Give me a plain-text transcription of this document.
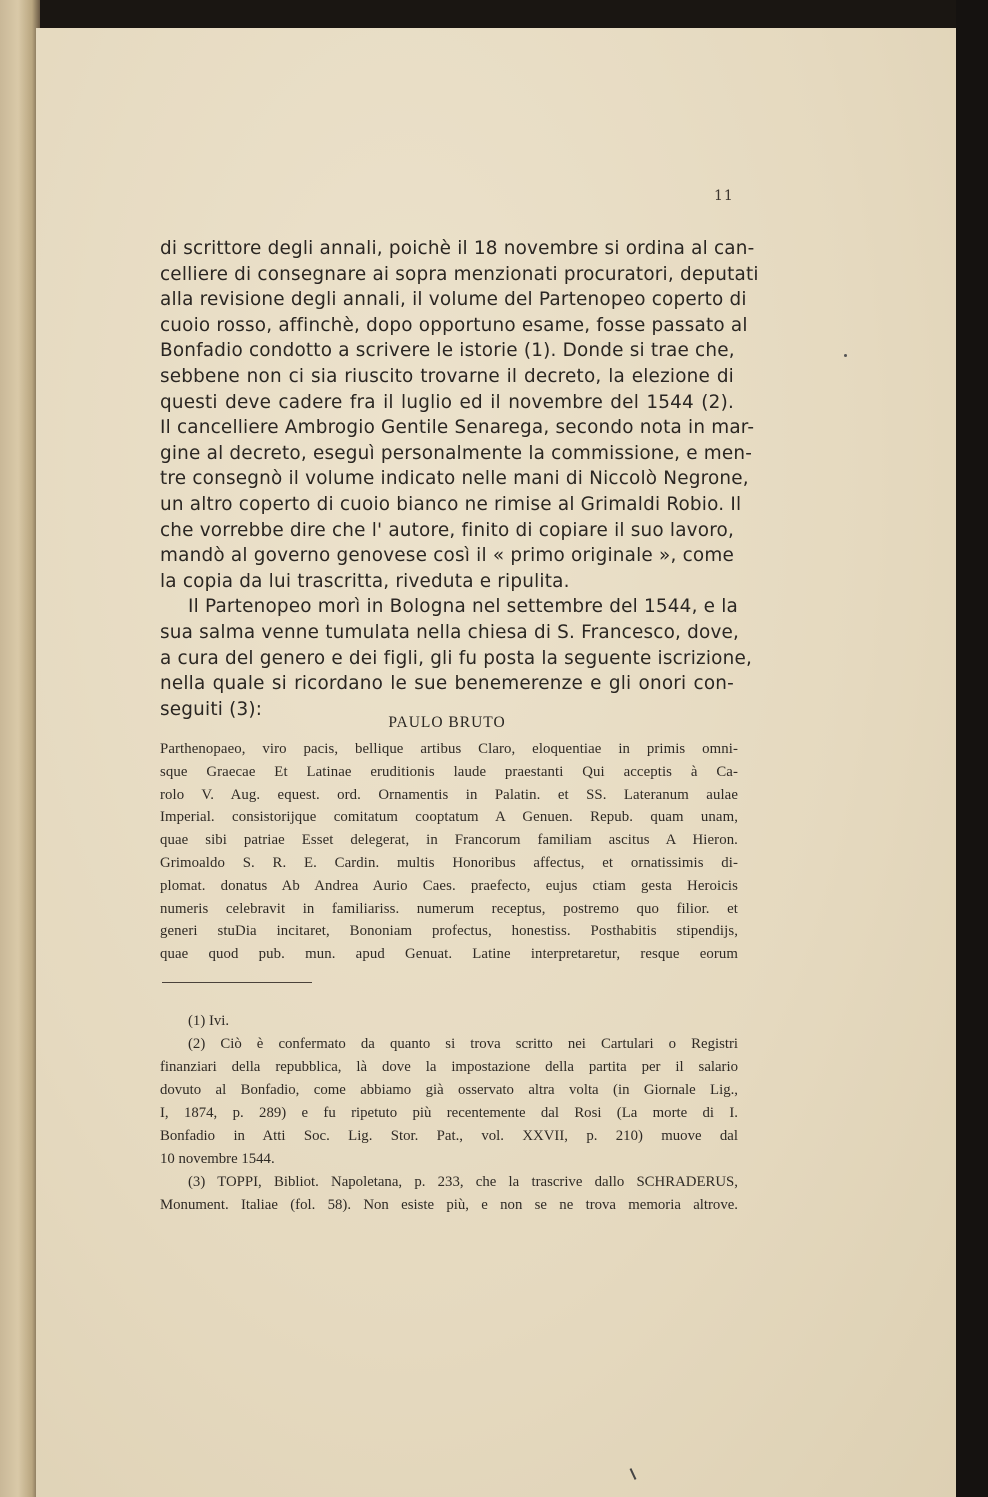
11
di scrittore degli annali, poichè il 18 novembre si ordina al can-
celliere di consegnare ai sopra menzionati procuratori, deputati
alla revisione degli annali, il volume del Partenopeo coperto di
cuoio rosso, affinchè, dopo opportuno esame, fosse passato al
Bonfadio condotto a scrivere le istorie (1). Donde si trae che,
sebbene non ci sia riuscito trovarne il decreto, la elezione di
questi deve cadere fra il luglio ed il novembre del 1544 (2).
Il cancelliere Ambrogio Gentile Senarega, secondo nota in mar-
gine al decreto, eseguì personalmente la commissione, e men-
tre consegnò il volume indicato nelle mani di Niccolò Negrone,
un altro coperto di cuoio bianco ne rimise al Grimaldi Robio. Il
che vorrebbe dire che l' autore, finito di copiare il suo lavoro,
mandò al governo genovese così il « primo originale », come
la copia da lui trascritta, riveduta e ripulita.
Il Partenopeo morì in Bologna nel settembre del 1544, e la
sua salma venne tumulata nella chiesa di S. Francesco, dove,
a cura del genero e dei figli, gli fu posta la seguente iscrizione,
nella quale si ricordano le sue benemerenze e gli onori con-
seguiti (3):
PAULO BRUTO
Parthenopaeo, viro pacis, bellique artibus Claro, eloquentiae in primis omni-
sque Graecae Et Latinae eruditionis laude praestanti Qui acceptis à Ca-
rolo V. Aug. equest. ord. Ornamentis in Palatin. et SS. Lateranum aulae
Imperial. consistorijque comitatum cooptatum A Genuen. Repub. quam unam,
quae sibi patriae Esset delegerat, in Francorum familiam ascitus A Hieron.
Grimoaldo S. R. E. Cardin. multis Honoribus affectus, et ornatissimis di-
plomat. donatus Ab Andrea Aurio Caes. praefecto, eujus ctiam gesta Heroicis
numeris celebravit in familiariss. numerum receptus, postremo quo filior. et
generi stuDia incitaret, Bononiam profectus, honestiss. Posthabitis stipendijs,
quae quod pub. mun. apud Genuat. Latine interpretaretur, resque eorum
(1) Ivi.
(2) Ciò è confermato da quanto si trova scritto nei Cartulari o Registri
finanziari della repubblica, là dove la impostazione della partita per il salario
dovuto al Bonfadio, come abbiamo già osservato altra volta (in Giornale Lig.,
I, 1874, p. 289) e fu ripetuto più recentemente dal Rosi (La morte di I.
Bonfadio in Atti Soc. Lig. Stor. Pat., vol. XXVII, p. 210) muove dal
10 novembre 1544.
(3) TOPPI, Bibliot. Napoletana, p. 233, che la trascrive dallo SCHRADERUS,
Monument. Italiae (fol. 58). Non esiste più, e non se ne trova memoria altrove.
